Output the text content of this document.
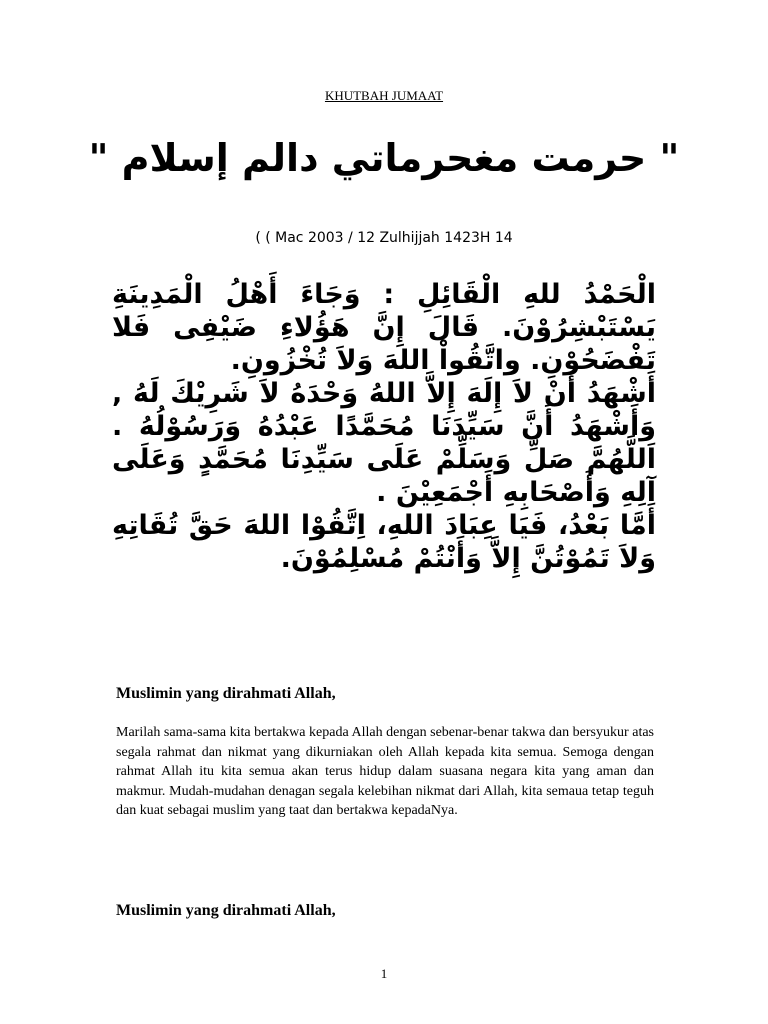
KHUTBAH JUMAAT
" حرمت مغحرماتي دالم إسلام "
( ( Mac 2003 / 12 Zulhijjah 1423H 14

الْحَمْدُ للهِ الْقَائِلِ : وَجَاءَ أَهْلُ الْمَدِينَةِ يَسْتَبْشِرُوْنَ. قَالَ إِنَّ هَؤُلاءِ ضَيْفِى فَلا تَفْضَحُوْنِ. واتَّقُواْ اللهَ وَلاَ تُخْزُونِ.

أَشْهَدُ أَنْ لاَ إِلَهَ إِلاَّ اللهُ وَحْدَهُ لاَ شَرِيْكَ لَهُ , وَأَشْهَدُ أَنَّ سَيِّدَنَا مُحَمَّدًا عَبْدُهُ وَرَسُوْلُهُ . اَللَّهُمَّ صَلِّ وَسَلِّمْ عَلَى سَيِّدِنَا مُحَمَّدٍ وَعَلَى آلِهِ وَأَصْحَابِهِ أَجْمَعِيْنَ .

أَمَّا بَعْدُ، فَيَا عِبَادَ اللهِ، اِتَّقُوْا اللهَ حَقَّ تُقَاتِهِ وَلاَ تَمُوْتُنَّ إِلاَّ وَأَنْتُمْ مُسْلِمُوْنَ.

Muslimin yang dirahmati Allah,

Marilah sama-sama kita bertakwa kepada Allah dengan sebenar-benar takwa dan bersyukur atas segala rahmat dan nikmat yang dikurniakan oleh Allah kepada kita semua. Semoga dengan rahmat Allah itu kita semua akan terus hidup dalam suasana negara kita yang aman dan makmur. Mudah-mudahan denagan segala kelebihan nikmat dari Allah, kita semaua tetap teguh dan kuat sebagai muslim yang taat dan bertakwa kepadaNya.

Muslimin yang dirahmati Allah,
1
